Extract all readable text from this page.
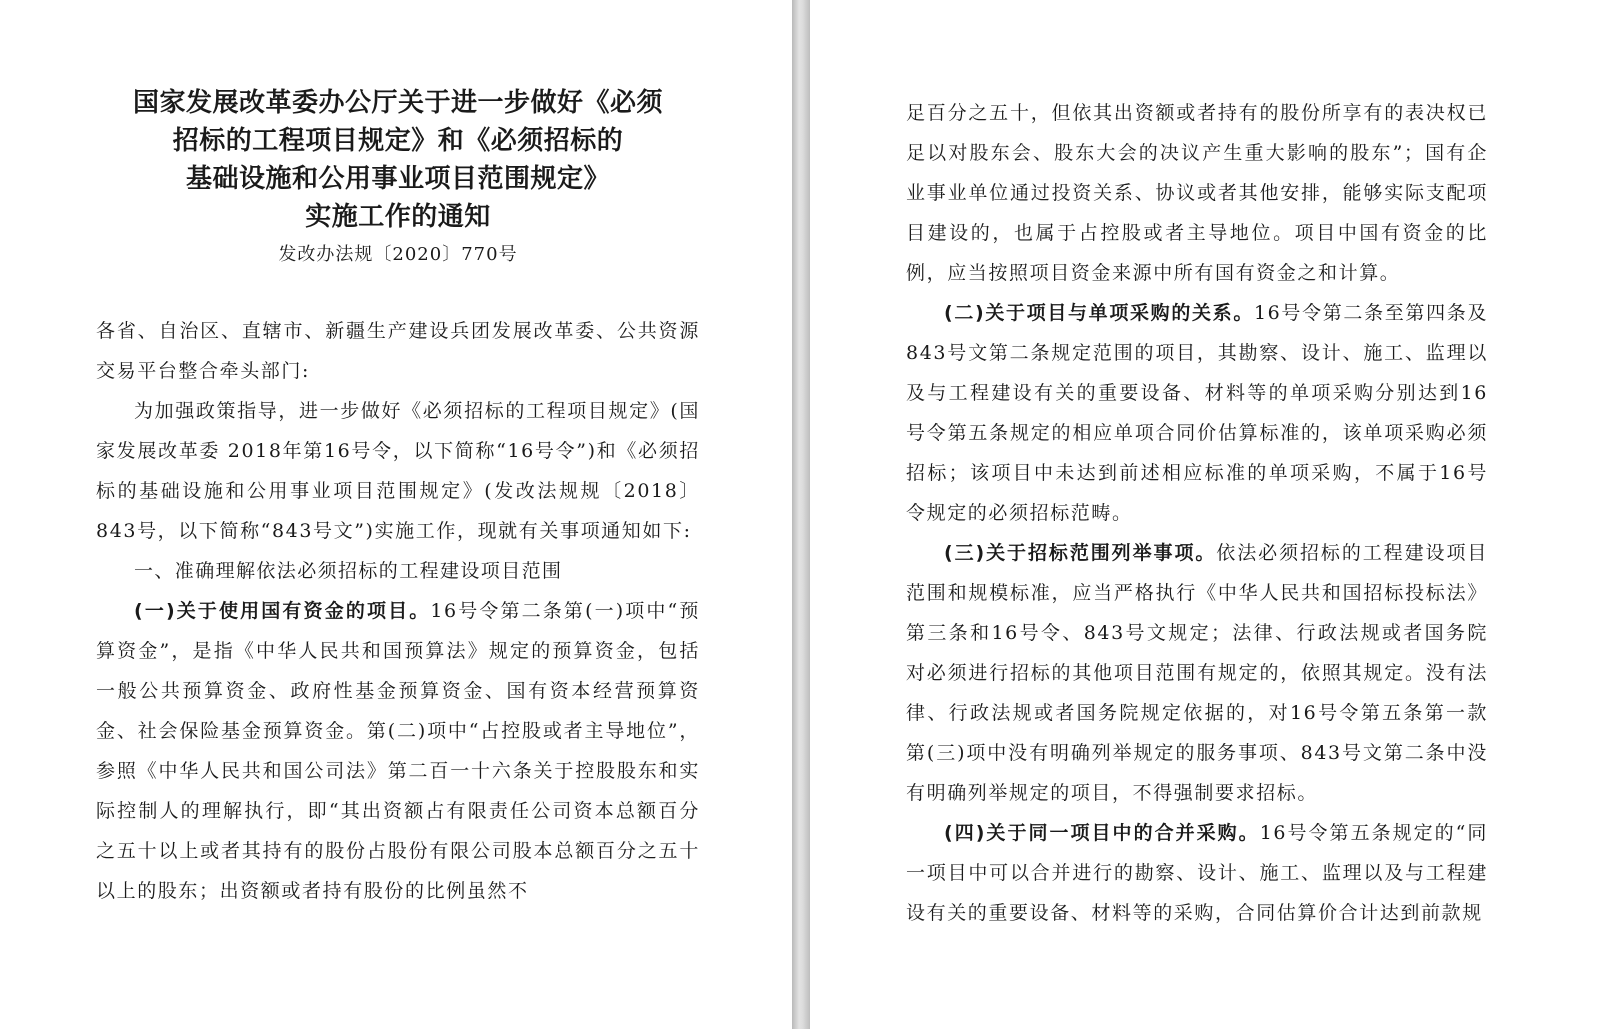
国家发展改革委办公厅关于进一步做好《必须
招标的工程项目规定》和《必须招标的
基础设施和公用事业项目范围规定》
实施工作的通知
发改办法规〔2020〕770号

各省、自治区、直辖市、新疆生产建设兵团发展改革委、公共资源交易平台整合牵头部门:

为加强政策指导，进一步做好《必须招标的工程项目规定》(国家发展改革委 2018年第16号令，以下简称“16号令”)和《必须招标的基础设施和公用事业项目范围规定》(发改法规规〔2018〕843号，以下简称“843号文”)实施工作，现就有关事项通知如下:

一、准确理解依法必须招标的工程建设项目范围

(一)关于使用国有资金的项目。16号令第二条第(一)项中“预算资金”，是指《中华人民共和国预算法》规定的预算资金，包括一般公共预算资金、政府性基金预算资金、国有资本经营预算资金、社会保险基金预算资金。第(二)项中“占控股或者主导地位”，参照《中华人民共和国公司法》第二百一十六条关于控股股东和实际控制人的理解执行，即“其出资额占有限责任公司资本总额百分之五十以上或者其持有的股份占股份有限公司股本总额百分之五十以上的股东；出资额或者持有股份的比例虽然不

足百分之五十，但依其出资额或者持有的股份所享有的表决权已足以对股东会、股东大会的决议产生重大影响的股东”；国有企业事业单位通过投资关系、协议或者其他安排，能够实际支配项目建设的，也属于占控股或者主导地位。项目中国有资金的比例，应当按照项目资金来源中所有国有资金之和计算。

(二)关于项目与单项采购的关系。16号令第二条至第四条及843号文第二条规定范围的项目，其勘察、设计、施工、监理以及与工程建设有关的重要设备、材料等的单项采购分别达到16号令第五条规定的相应单项合同价估算标准的，该单项采购必须招标；该项目中未达到前述相应标准的单项采购，不属于16号令规定的必须招标范畴。

(三)关于招标范围列举事项。依法必须招标的工程建设项目范围和规模标准，应当严格执行《中华人民共和国招标投标法》第三条和16号令、843号文规定；法律、行政法规或者国务院对必须进行招标的其他项目范围有规定的，依照其规定。没有法律、行政法规或者国务院规定依据的，对16号令第五条第一款第(三)项中没有明确列举规定的服务事项、843号文第二条中没有明确列举规定的项目，不得强制要求招标。

(四)关于同一项目中的合并采购。16号令第五条规定的“同一项目中可以合并进行的勘察、设计、施工、监理以及与工程建设有关的重要设备、材料等的采购，合同估算价合计达到前款规
